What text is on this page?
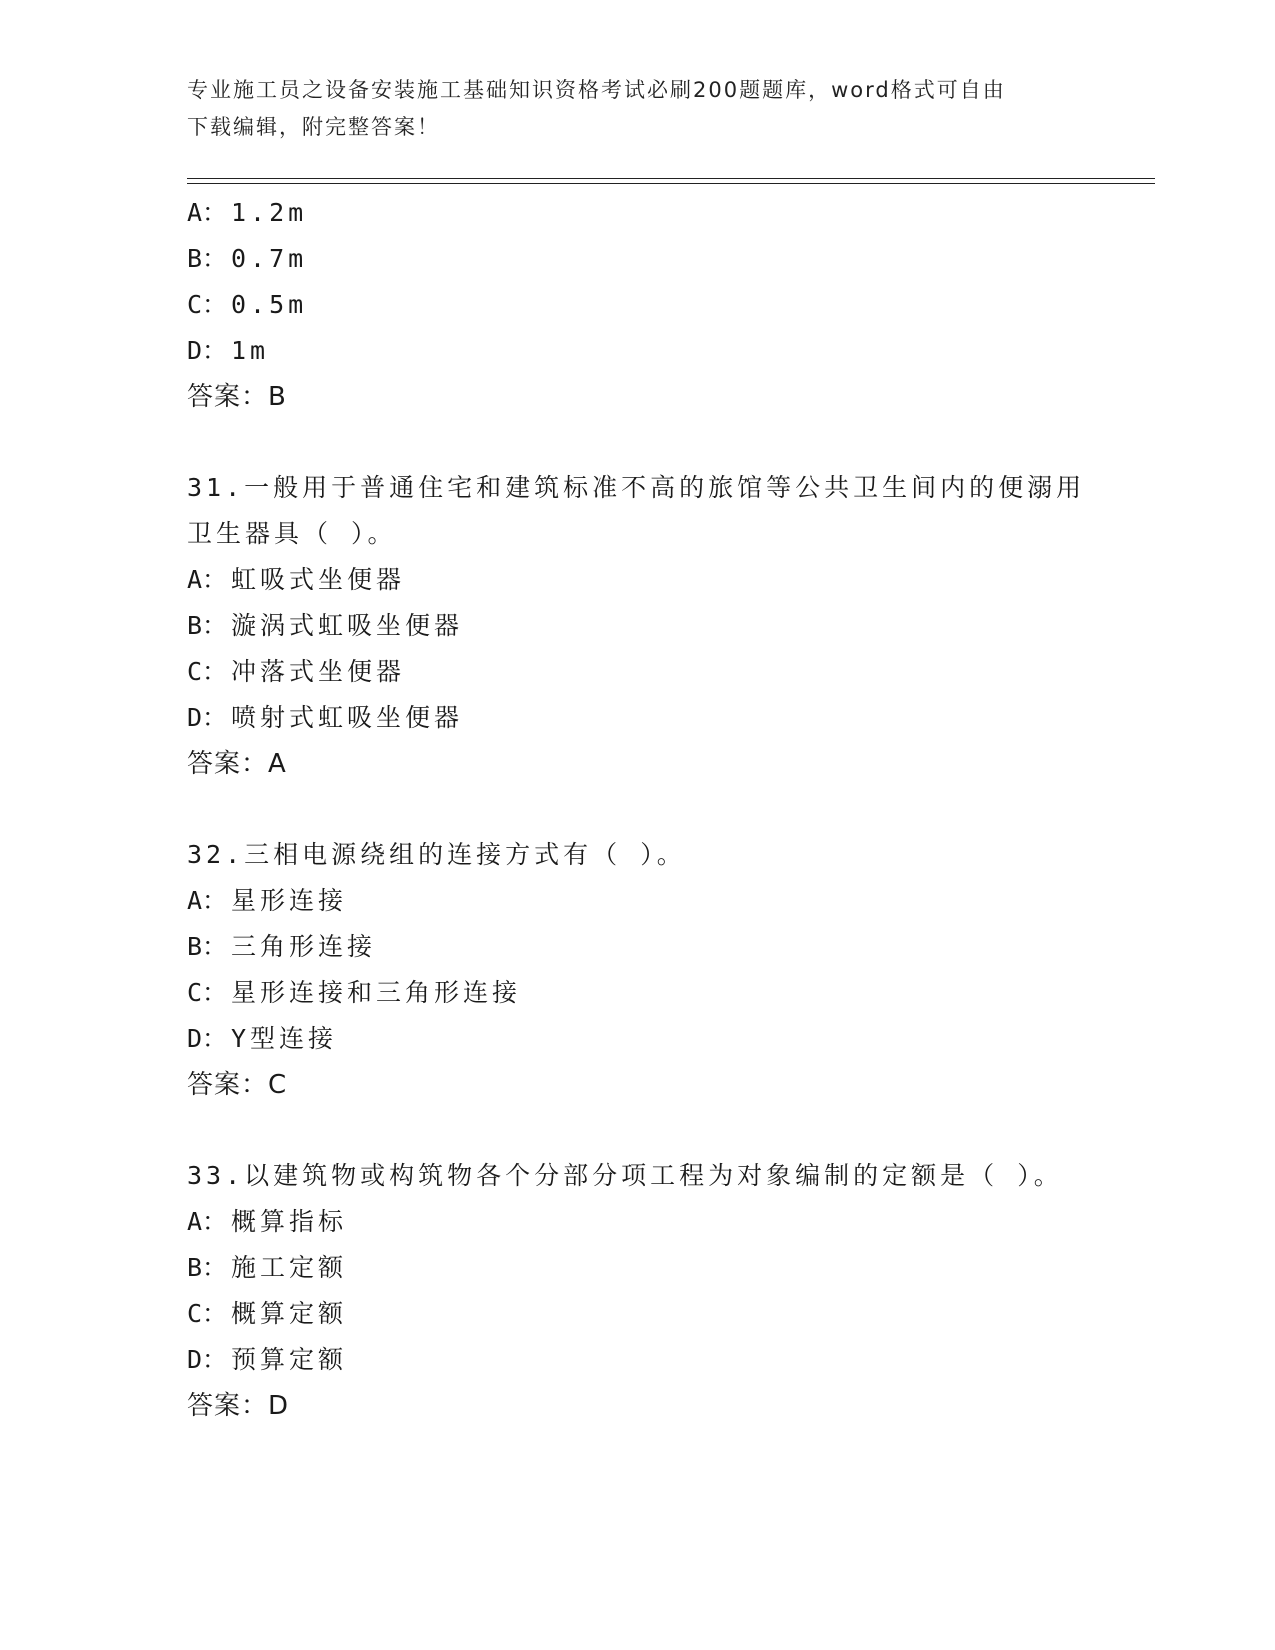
专业施工员之设备安装施工基础知识资格考试必刷200题题库，word格式可自由
下载编辑，附完整答案！
A： 1.2m
B： 0.7m
C： 0.5m
D： 1m
答案：B
31.一般用于普通住宅和建筑标准不高的旅馆等公共卫生间内的便溺用
卫生器具（ ）。
A： 虹吸式坐便器
B： 漩涡式虹吸坐便器
C： 冲落式坐便器
D： 喷射式虹吸坐便器
答案：A
32.三相电源绕组的连接方式有（ ）。
A： 星形连接
B： 三角形连接
C： 星形连接和三角形连接
D： Y型连接
答案：C
33.以建筑物或构筑物各个分部分项工程为对象编制的定额是（ ）。
A： 概算指标
B： 施工定额
C： 概算定额
D： 预算定额
答案：D
